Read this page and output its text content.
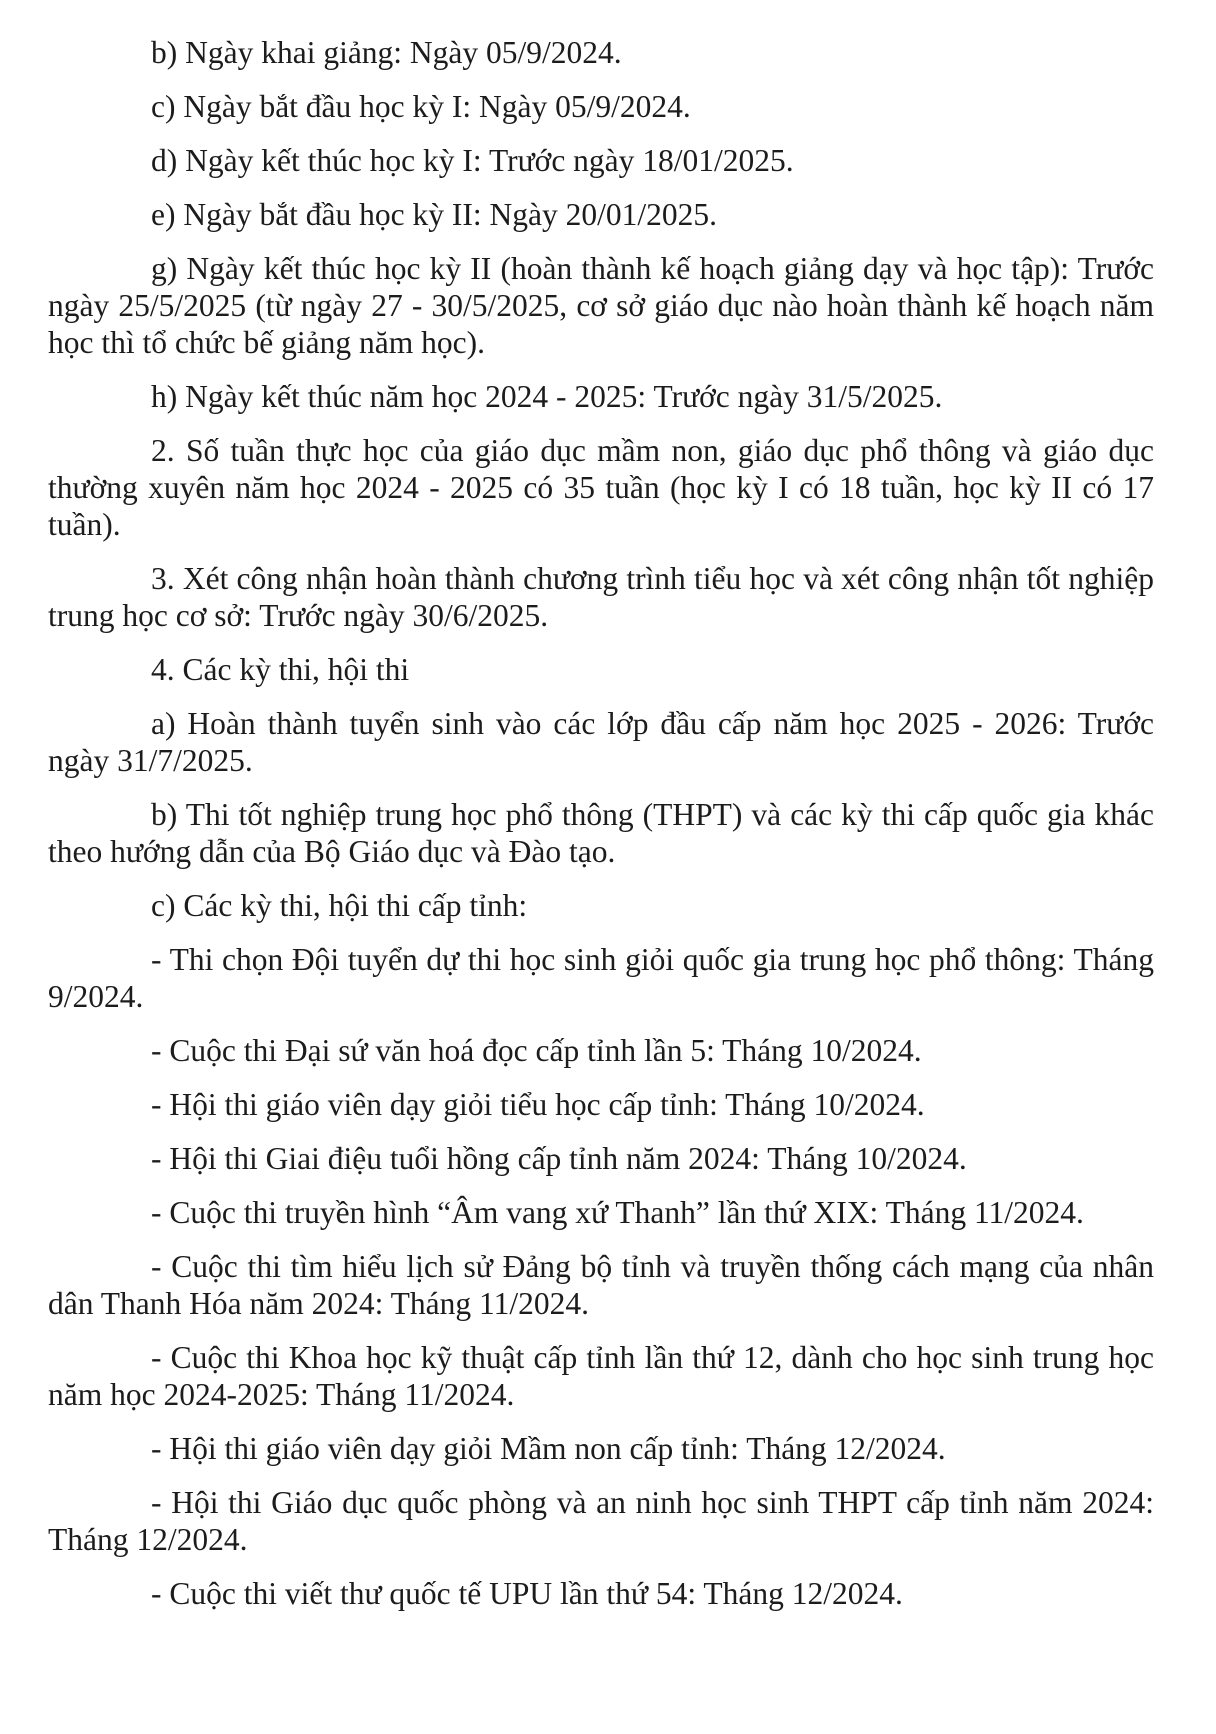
b) Ngày khai giảng: Ngày 05/9/2024.

c) Ngày bắt đầu học kỳ I: Ngày 05/9/2024.

d) Ngày kết thúc học kỳ I: Trước ngày 18/01/2025.

e) Ngày bắt đầu học kỳ II: Ngày 20/01/2025.

g) Ngày kết thúc học kỳ II (hoàn thành kế hoạch giảng dạy và học tập): Trước ngày 25/5/2025 (từ ngày 27 - 30/5/2025, cơ sở giáo dục nào hoàn thành kế hoạch năm học thì tổ chức bế giảng năm học).

h) Ngày kết thúc năm học 2024 - 2025: Trước ngày 31/5/2025.

2. Số tuần thực học của giáo dục mầm non, giáo dục phổ thông và giáo dục thường xuyên năm học 2024 - 2025 có 35 tuần (học kỳ I có 18 tuần, học kỳ II có 17 tuần).

3. Xét công nhận hoàn thành chương trình tiểu học và xét công nhận tốt nghiệp trung học cơ sở: Trước ngày 30/6/2025.

4. Các kỳ thi, hội thi

a) Hoàn thành tuyển sinh vào các lớp đầu cấp năm học 2025 - 2026: Trước ngày 31/7/2025.

b) Thi tốt nghiệp trung học phổ thông (THPT) và các kỳ thi cấp quốc gia khác theo hướng dẫn của Bộ Giáo dục và Đào tạo.

c) Các kỳ thi, hội thi cấp tỉnh:

- Thi chọn Đội tuyển dự thi học sinh giỏi quốc gia trung học phổ thông: Tháng 9/2024.

- Cuộc thi Đại sứ văn hoá đọc cấp tỉnh lần 5: Tháng 10/2024.

- Hội thi giáo viên dạy giỏi tiểu học cấp tỉnh: Tháng 10/2024.

- Hội thi Giai điệu tuổi hồng cấp tỉnh năm 2024: Tháng 10/2024.

- Cuộc thi truyền hình “Âm vang xứ Thanh” lần thứ XIX: Tháng 11/2024.

- Cuộc thi tìm hiểu lịch sử Đảng bộ tỉnh và truyền thống cách mạng của nhân dân Thanh Hóa năm 2024: Tháng 11/2024.

- Cuộc thi Khoa học kỹ thuật cấp tỉnh lần thứ 12, dành cho học sinh trung học năm học 2024-2025: Tháng 11/2024.

- Hội thi giáo viên dạy giỏi Mầm non cấp tỉnh: Tháng 12/2024.

- Hội thi Giáo dục quốc phòng và an ninh học sinh THPT cấp tỉnh năm 2024: Tháng 12/2024.

- Cuộc thi viết thư quốc tế UPU lần thứ 54: Tháng 12/2024.
